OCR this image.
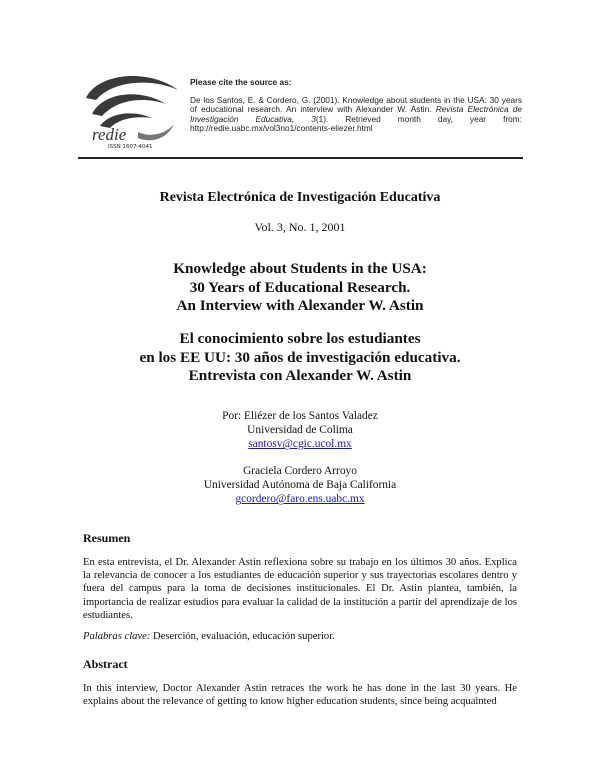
redie
ISSN 1607-4041
Please cite the source as:
De los Santos, E. & Cordero, G. (2001). Knowledge about students in the USA: 30 years of educational research. An interview with Alexander W. Astin. Revista Electrónica de Investigación Educativa, 3(1). Retrieved month day, year from: http://redie.uabc.mx/vol3no1/contents-eliezer.html
Revista Electrónica de Investigación Educativa
Vol. 3, No. 1, 2001
Knowledge about Students in the USA:
30 Years of Educational Research.
An Interview with Alexander W. Astin
El conocimiento sobre los estudiantes
en los EE UU: 30 años de investigación educativa.
Entrevista con Alexander W. Astin
Por: Eliézer de los Santos Valadez
Universidad de Colima
santosv@cgic.ucol.mx
Graciela Cordero Arroyo
Universidad Autónoma de Baja California
gcordero@faro.ens.uabc.mx
Resumen
En esta entrevista, el Dr. Alexander Astin reflexiona sobre su trabajo en los últimos 30 años. Explica la relevancia de conocer a los estudiantes de educación superior y sus trayectorias escolares dentro y fuera del campus para la toma de decisiones institucionales. El Dr. Astin plantea, también, la importancia de realizar estudios para evaluar la calidad de la institución a partir del aprendizaje de los estudiantes.
Palabras clave: Deserción, evaluación, educación superior.
Abstract
In this interview, Doctor Alexander Astin retraces the work he has done in the last 30 years. He explains about the relevance of getting to know higher education students, since being acquainted
